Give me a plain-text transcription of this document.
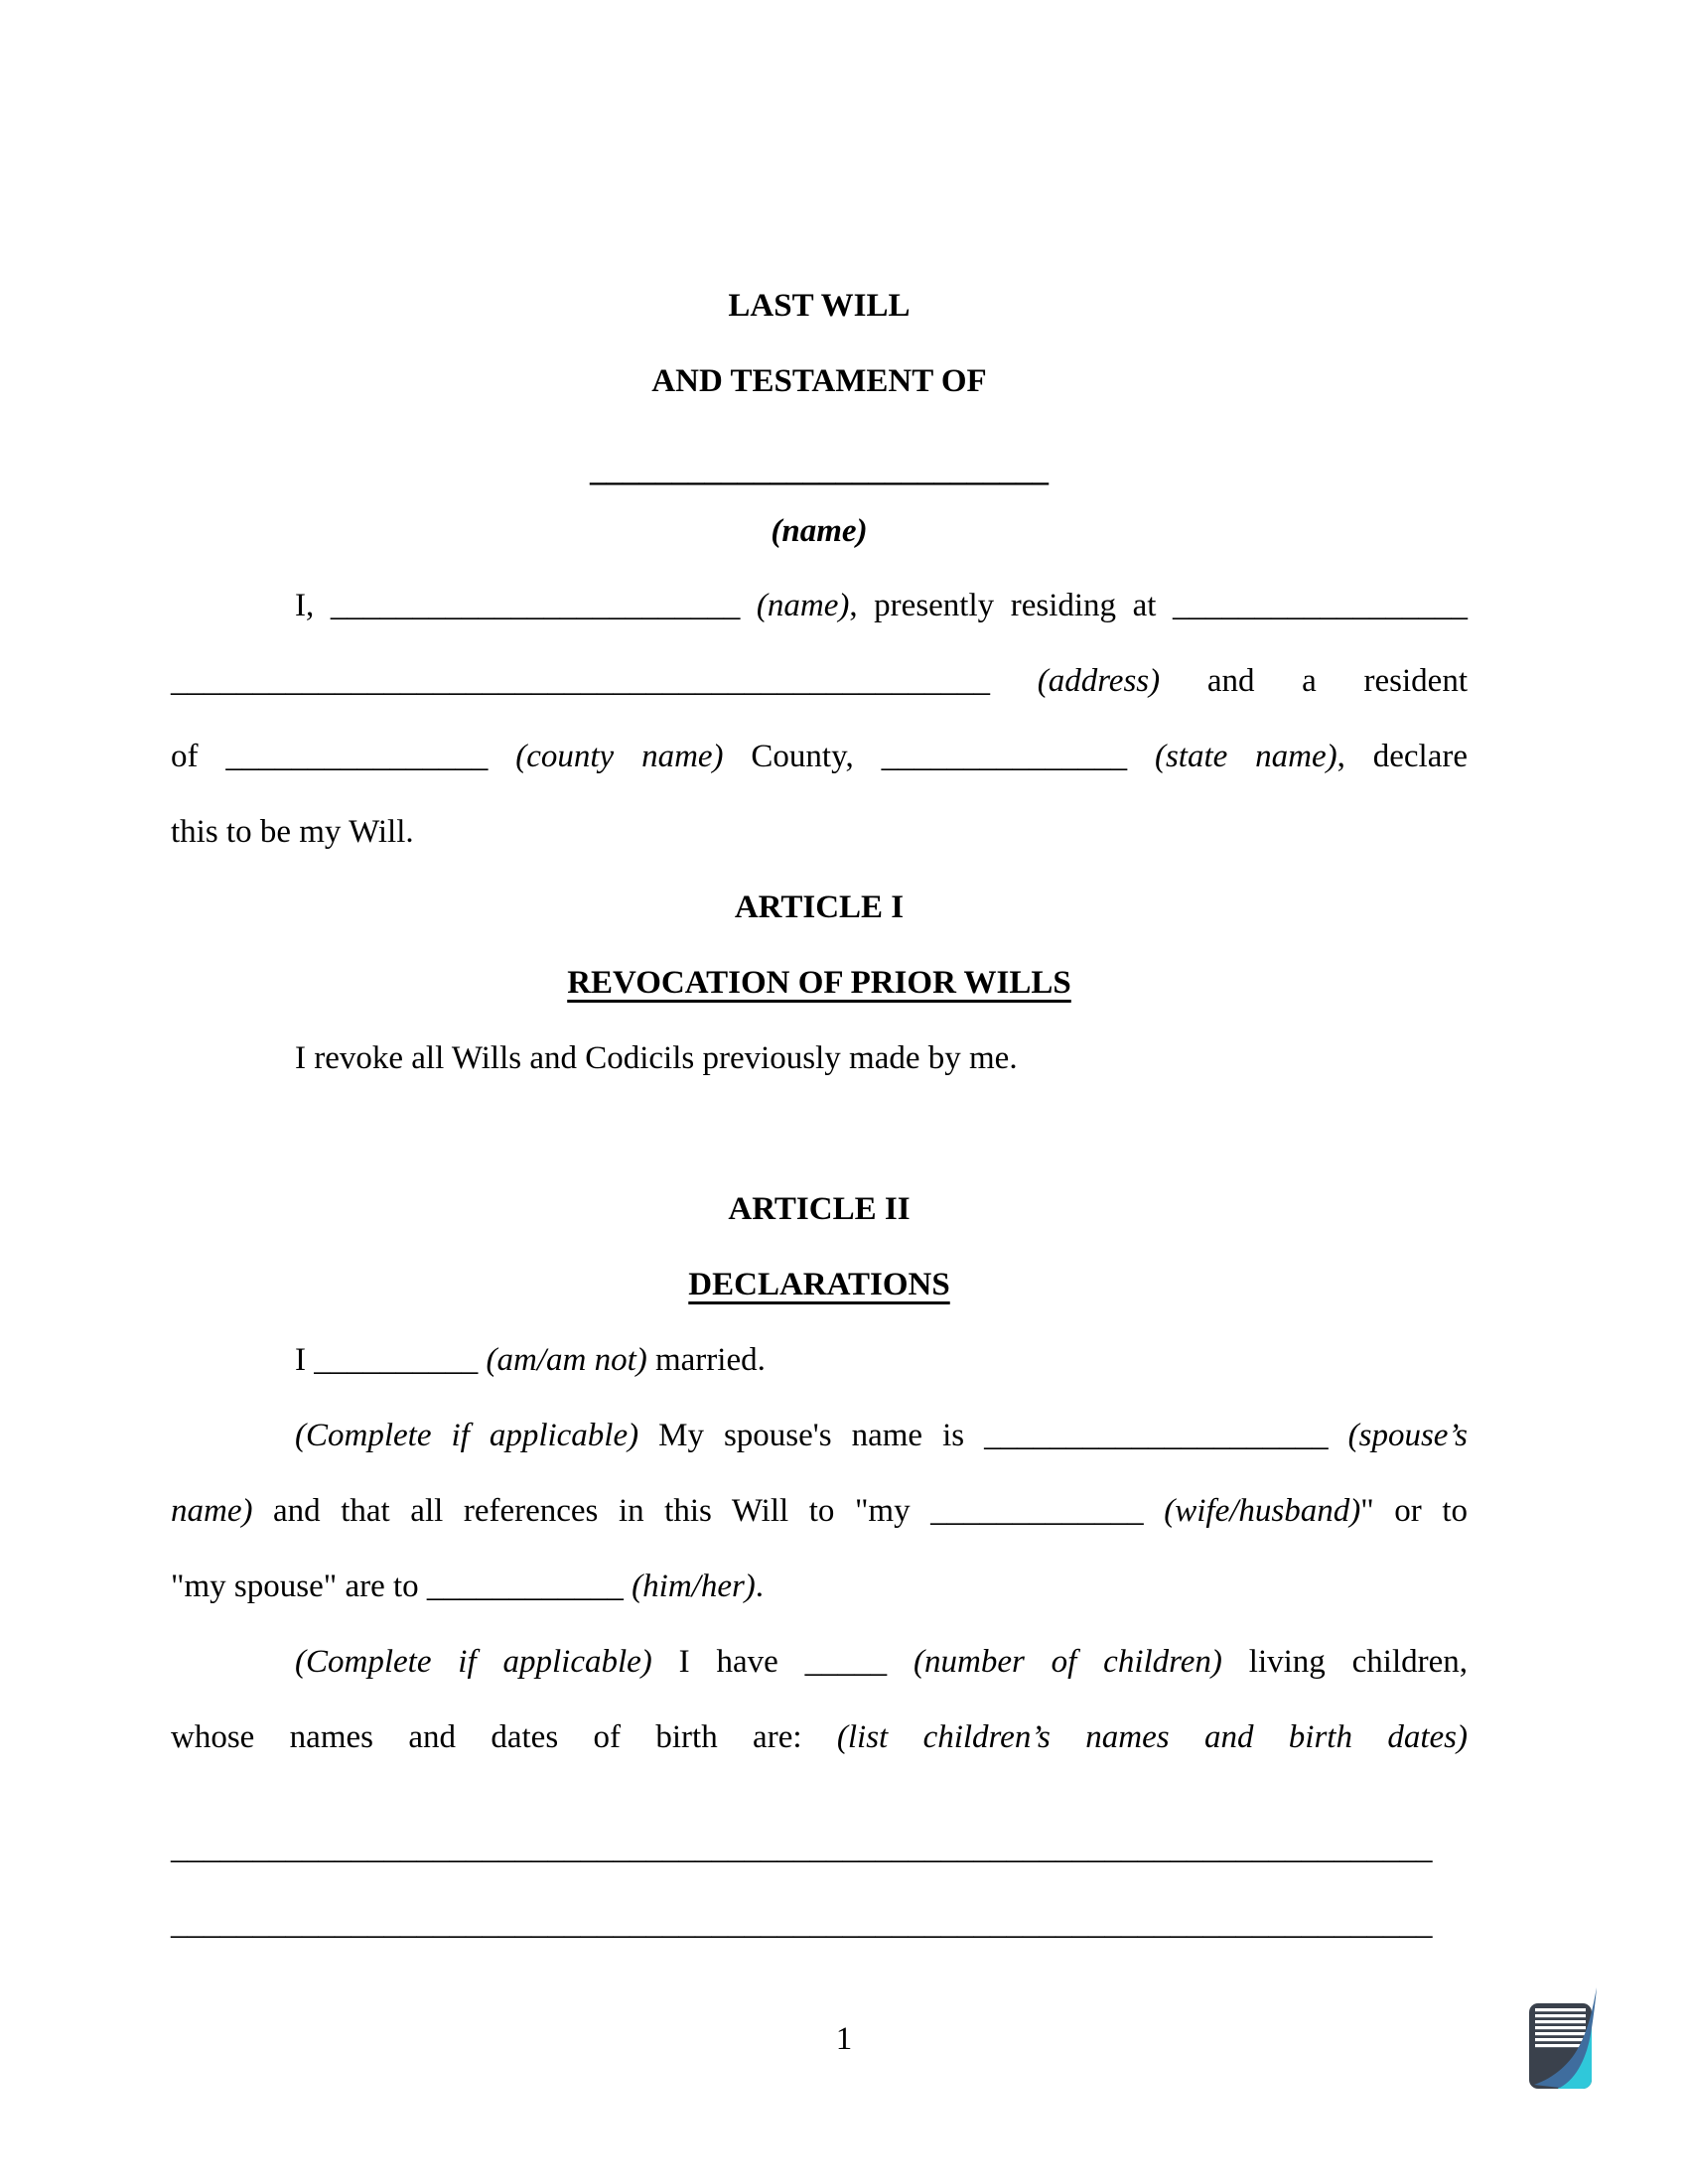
LAST WILL
AND TESTAMENT OF
____________________________
(name)
I, _________________________ (name), presently residing at __________________
__________________________________________________ (address) and a resident
of ________________ (county name) County, _______________ (state name), declare
this to be my Will.
ARTICLE I
REVOCATION OF PRIOR WILLS
I revoke all Wills and Codicils previously made by me.
ARTICLE II
DECLARATIONS
I __________ (am/am not) married.
(Complete if applicable) My spouse's name is _____________________ (spouse’s
name) and that all references in this Will to "my _____________ (wife/husband)" or to
"my spouse" are to ____________ (him/her).
(Complete if applicable) I have _____ (number of children) living children,
whose names and dates of birth are: (list children’s names and birth dates)
_____________________________________________________________________________
_____________________________________________________________________________
1
